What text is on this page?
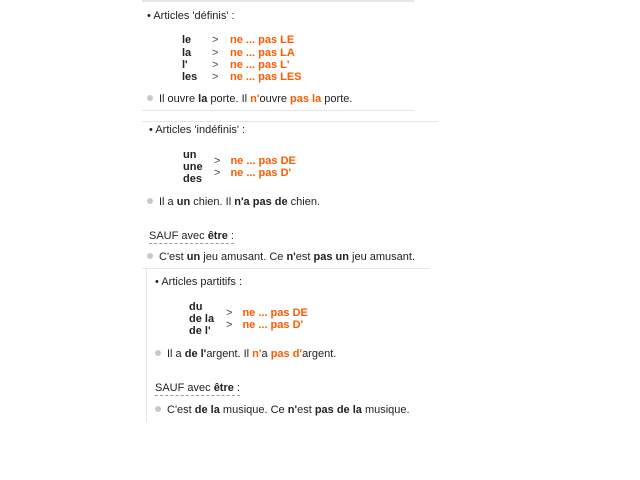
• Articles 'définis' :
le > ne ... pas LE
la > ne ... pas LA
l' > ne ... pas L'
les > ne ... pas LES
Il ouvre la porte. Il n'ouvre pas la porte.
• Articles 'indéfinis' :
un
une
des
> ne ... pas DE
> ne ... pas D'
Il a un chien. Il n'a pas de chien.
SAUF avec être :
C'est un jeu amusant. Ce n'est pas un jeu amusant.
• Articles partitifs :
du
de la
de l'
> ne ... pas DE
> ne ... pas D'
Il a de l'argent. Il n'a pas d'argent.
SAUF avec être :
C'est de la musique. Ce n'est pas de la musique.
